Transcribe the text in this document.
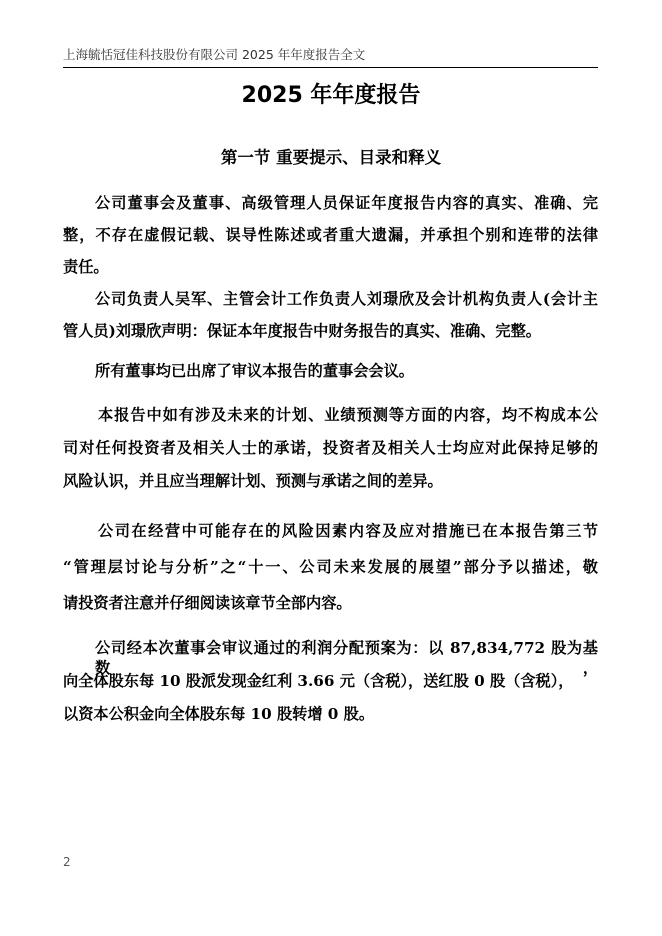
上海毓恬冠佳科技股份有限公司 2025 年年度报告全文
2025 年年度报告
第一节 重要提示、目录和释义
公司董事会及董事、高级管理人员保证年度报告内容的真实、准确、完
整，不存在虚假记载、误导性陈述或者重大遗漏，并承担个别和连带的法律
责任。
公司负责人吴军、主管会计工作负责人刘璟欣及会计机构负责人(会计主
管人员)刘璟欣声明：保证本年度报告中财务报告的真实、准确、完整。
所有董事均已出席了审议本报告的董事会会议。
本报告中如有涉及未来的计划、业绩预测等方面的内容，均不构成本公
司对任何投资者及相关人士的承诺，投资者及相关人士均应对此保持足够的
风险认识，并且应当理解计划、预测与承诺之间的差异。
公司在经营中可能存在的风险因素内容及应对措施已在本报告第三节
“管理层讨论与分析”之“十一、公司未来发展的展望”部分予以描述，敬
请投资者注意并仔细阅读该章节全部内容。
公司经本次董事会审议通过的利润分配预案为：以 87,834,772 股为基数，
向全体股东每 10 股派发现金红利 3.66 元（含税），送红股 0 股（含税），
以资本公积金向全体股东每 10 股转增 0 股。
2
